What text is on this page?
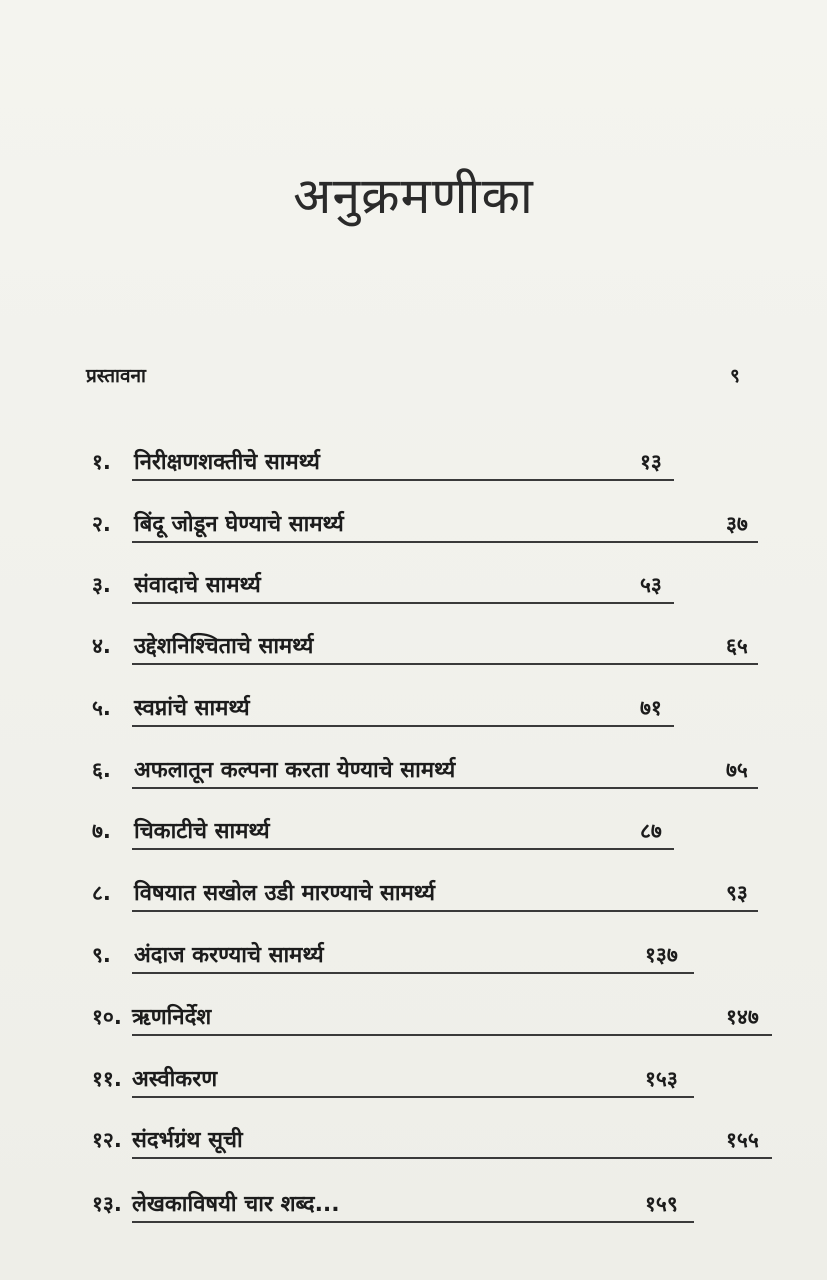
अनुक्रमणीका
प्रस्तावना	९
१. निरीक्षणशक्तीचे सामर्थ्य	१३
२. बिंदू जोडून घेण्याचे सामर्थ्य	३७
३. संवादाचे सामर्थ्य	५३
४. उद्देशनिश्चिताचे सामर्थ्य	६५
५. स्वप्नांचे सामर्थ्य	७१
६. अफलातून कल्पना करता येण्याचे सामर्थ्य	७५
७. चिकाटीचे सामर्थ्य	८७
८. विषयात सखोल उडी मारण्याचे सामर्थ्य	९३
९. अंदाज करण्याचे सामर्थ्य	१३७
१०. ऋणनिर्देश	१४७
११. अस्वीकरण	१५३
१२. संदर्भग्रंथ सूची	१५५
१३. लेखकाविषयी चार शब्द...	१५९
